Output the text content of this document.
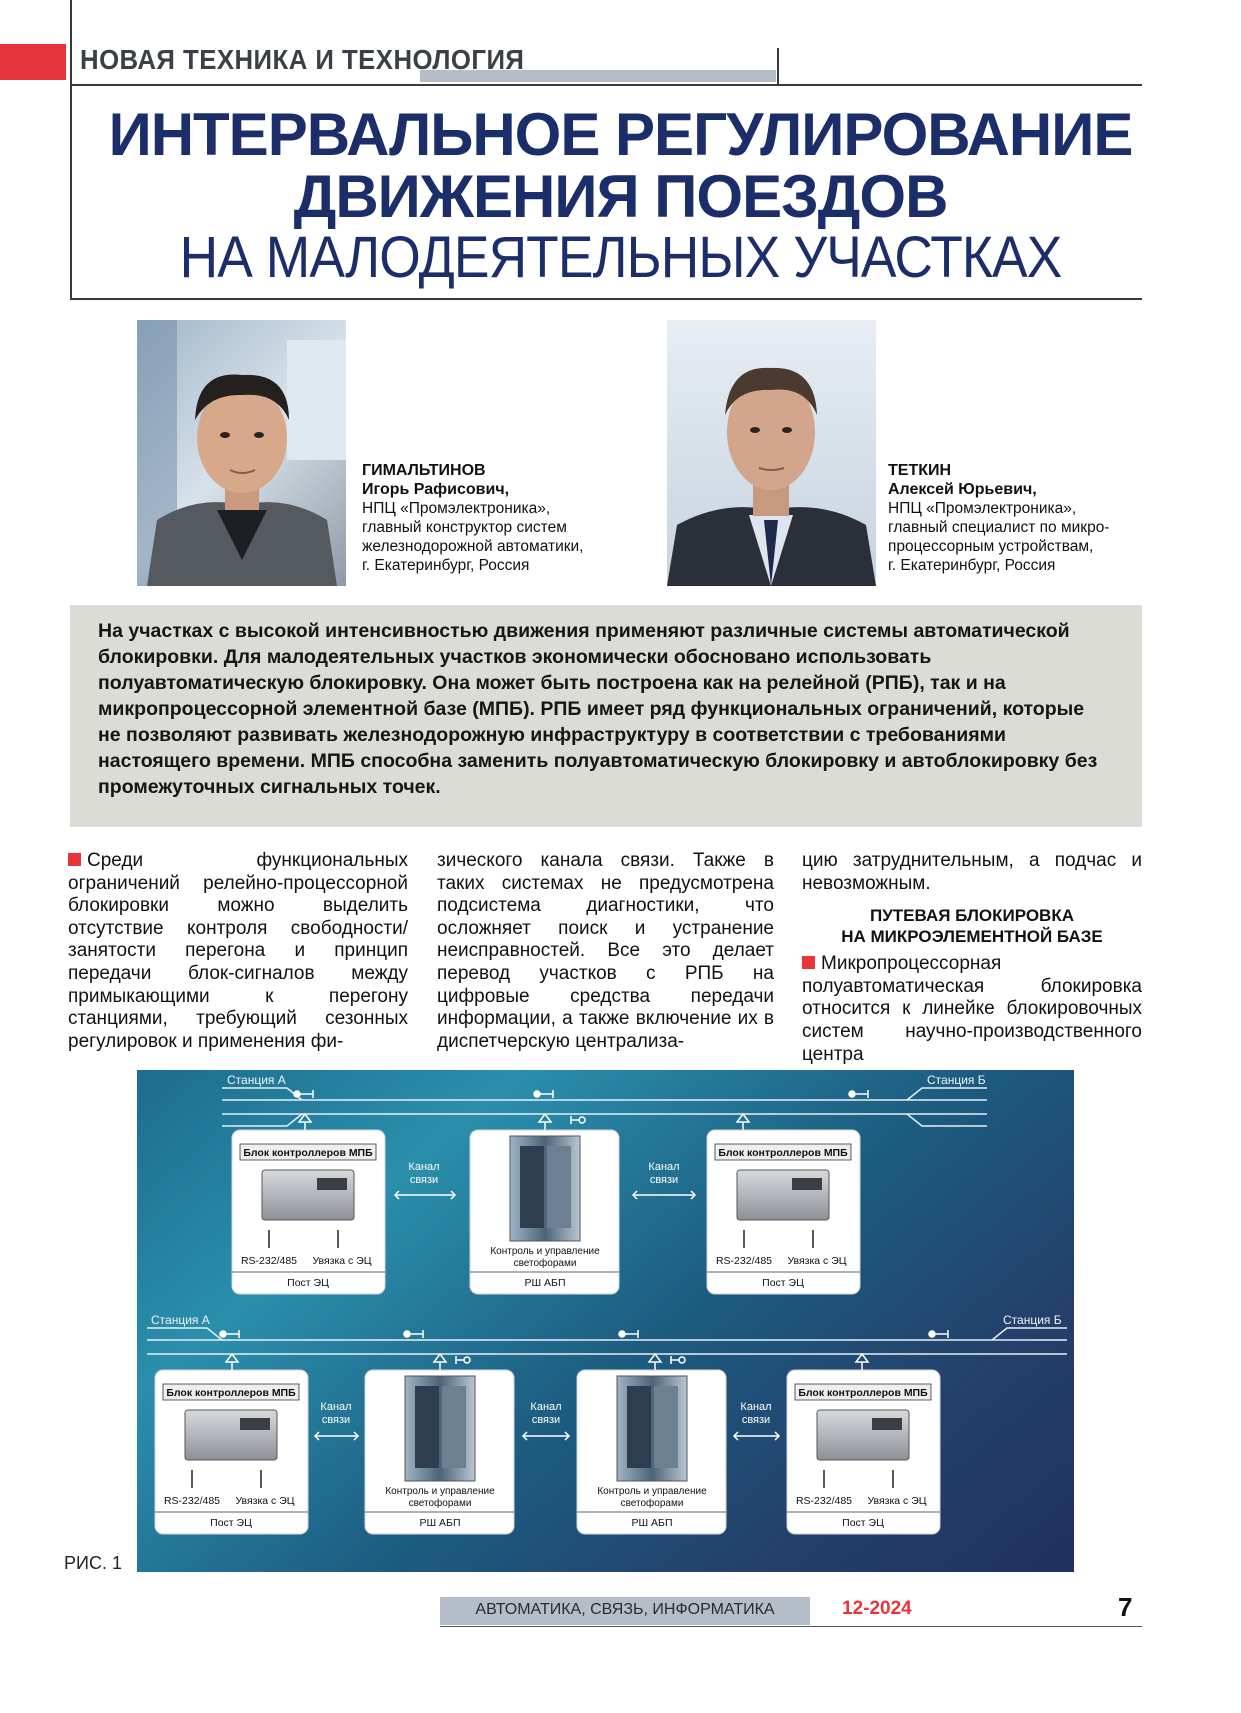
НОВАЯ ТЕХНИКА И ТЕХНОЛОГИЯ
ИНТЕРВАЛЬНОЕ РЕГУЛИРОВАНИЕ
ДВИЖЕНИЯ ПОЕЗДОВ
НА МАЛОДЕЯТЕЛЬНЫХ УЧАСТКАХ
ГИМАЛЬТИНОВ
Игорь Рафисович,
НПЦ «Промэлектроника»,
главный конструктор систем
железнодорожной автоматики,
г. Екатеринбург, Россия
ТЕТКИН
Алексей Юрьевич,
НПЦ «Промэлектроника»,
главный специалист по микро-
процессорным устройствам,
г. Екатеринбург, Россия
На участках с высокой интенсивностью движения применяют различные системы автоматической блокировки. Для малодеятельных участков экономически обосновано использовать полуавтоматическую блокировку. Она может быть построена как на релейной (РПБ), так и на микропроцессорной элементной базе (МПБ). РПБ имеет ряд функциональных ограничений, которые не позволяют развивать железнодорожную инфраструктуру в соответствии с требованиями настоящего времени. МПБ способна заменить полуавтоматическую блокировку и автоблокировку без промежуточных сигнальных точек.
Среди функциональных ограничений релейно-процессорной блокировки можно выделить отсутствие контроля свободности/занятости перегона и принцип передачи блок-сигналов между примыкающими к перегону станциями, требующий сезонных регулировок и применения фи-
зического канала связи. Также в таких системах не предусмотрена подсистема диагностики, что осложняет поиск и устранение неисправностей. Все это делает перевод участков с РПБ на цифровые средства передачи информации, а также включение их в диспетчерскую централиза-
цию затруднительным, а подчас и невозможным.
ПУТЕВАЯ БЛОКИРОВКА
НА МИКРОЭЛЕМЕНТНОЙ БАЗЕ
Микропроцессорная полуавтоматическая блокировка относится к линейке блокировочных систем научно-производственного центра
Станция А	Станция Б
Блок контроллеров МПБ
RS-232/485 Увязка с ЭЦ
Пост ЭЦ
Контроль и управление
светофорами
РШ АБП
Блок контроллеров МПБ
RS-232/485 Увязка с ЭЦ
Пост ЭЦ
Канал
связи
Канал
связи
Станция А	Станция Б
Блок контроллеров МПБ
RS-232/485 Увязка с ЭЦ
Пост ЭЦ
Контроль и управление
светофорами
РШ АБП
Контроль и управление
светофорами
РШ АБП
Блок контроллеров МПБ
RS-232/485 Увязка с ЭЦ
Пост ЭЦ
Канал
связи
Канал
связи
Канал
связи
РИС. 1
АВТОМАТИКА, СВЯЗЬ, ИНФОРМАТИКА	12-2024	7
